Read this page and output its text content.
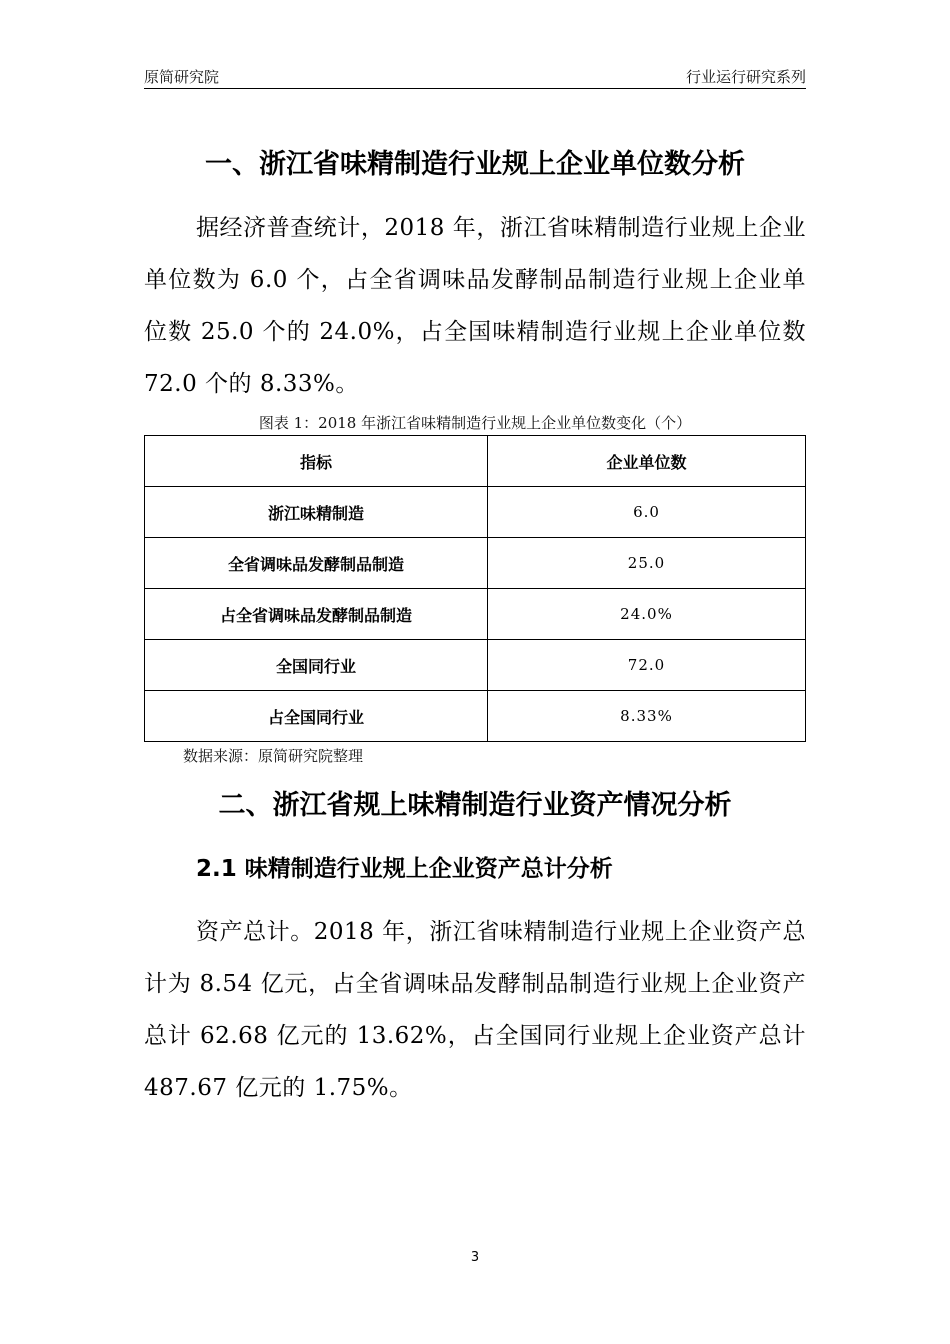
原简研究院	行业运行研究系列
一、浙江省味精制造行业规上企业单位数分析

据经济普查统计，2018 年，浙江省味精制造行业规上企业单位数为 6.0 个，占全省调味品发酵制品制造行业规上企业单位数 25.0 个的 24.0%，占全国味精制造行业规上企业单位数 72.0 个的 8.33%。

图表 1：2018 年浙江省味精制造行业规上企业单位数变化（个）
指标	企业单位数
浙江味精制造	6.0
全省调味品发酵制品制造	25.0
占全省调味品发酵制品制造	24.0%
全国同行业	72.0
占全国同行业	8.33%
数据来源：原简研究院整理
二、浙江省规上味精制造行业资产情况分析
2.1 味精制造行业规上企业资产总计分析

资产总计。2018 年，浙江省味精制造行业规上企业资产总计为 8.54 亿元，占全省调味品发酵制品制造行业规上企业资产总计 62.68 亿元的 13.62%，占全国同行业规上企业资产总计 487.67 亿元的 1.75%。

3
